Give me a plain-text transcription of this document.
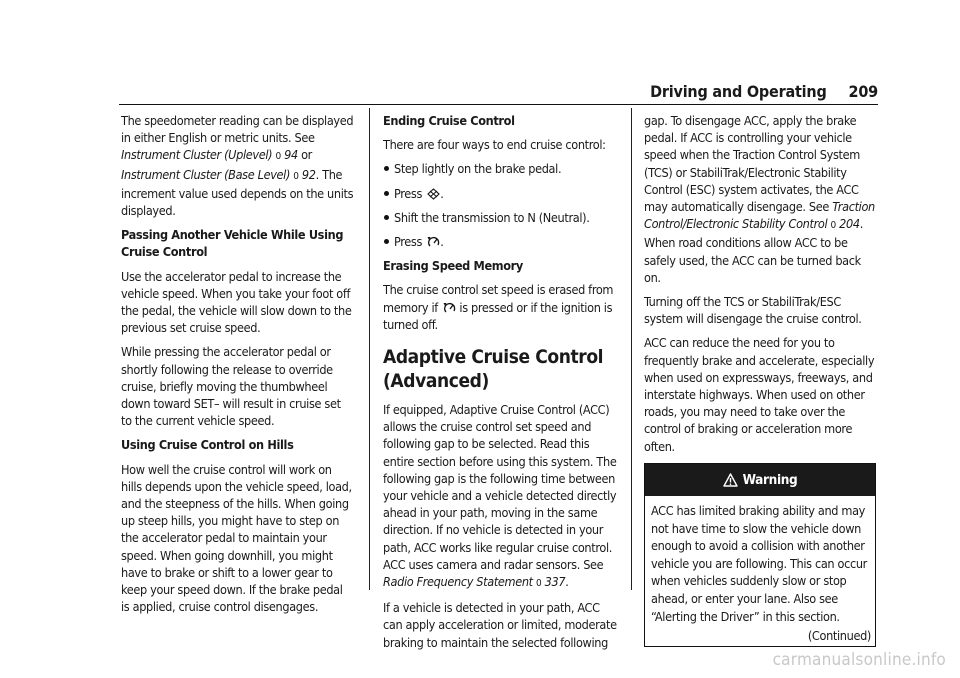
Driving and Operating 209

The speedometer reading can be displayed in either English or metric units. See Instrument Cluster (Uplevel) 0 94 or Instrument Cluster (Base Level) 0 92. The increment value used depends on the units displayed.

Passing Another Vehicle While Using Cruise Control

Use the accelerator pedal to increase the vehicle speed. When you take your foot off the pedal, the vehicle will slow down to the previous set cruise speed.

While pressing the accelerator pedal or shortly following the release to override cruise, briefly moving the thumbwheel down toward SET– will result in cruise set to the current vehicle speed.

Using Cruise Control on Hills

How well the cruise control will work on hills depends upon the vehicle speed, load, and the steepness of the hills. When going up steep hills, you might have to step on the accelerator pedal to maintain your speed. When going downhill, you might have to brake or shift to a lower gear to keep your speed down. If the brake pedal is applied, cruise control disengages.

Ending Cruise Control

There are four ways to end cruise control:

Step lightly on the brake pedal.
Press .
Shift the transmission to N (Neutral).
Press .

Erasing Speed Memory

The cruise control set speed is erased from memory if is pressed or if the ignition is turned off.

Adaptive Cruise Control (Advanced)

If equipped, Adaptive Cruise Control (ACC) allows the cruise control set speed and following gap to be selected. Read this entire section before using this system. The following gap is the following time between your vehicle and a vehicle detected directly ahead in your path, moving in the same direction. If no vehicle is detected in your path, ACC works like regular cruise control. ACC uses camera and radar sensors. See Radio Frequency Statement 0 337.

If a vehicle is detected in your path, ACC can apply acceleration or limited, moderate braking to maintain the selected following

gap. To disengage ACC, apply the brake pedal. If ACC is controlling your vehicle speed when the Traction Control System (TCS) or StabiliTrak/Electronic Stability Control (ESC) system activates, the ACC may automatically disengage. See Traction Control/Electronic Stability Control 0 204. When road conditions allow ACC to be safely used, the ACC can be turned back on.

Turning off the TCS or StabiliTrak/ESC system will disengage the cruise control.

ACC can reduce the need for you to frequently brake and accelerate, especially when used on expressways, freeways, and interstate highways. When used on other roads, you may need to take over the control of braking or acceleration more often.

Warning
ACC has limited braking ability and may not have time to slow the vehicle down enough to avoid a collision with another vehicle you are following. This can occur when vehicles suddenly slow or stop ahead, or enter your lane. Also see “Alerting the Driver” in this section.
(Continued)
carmanualsonline.info
